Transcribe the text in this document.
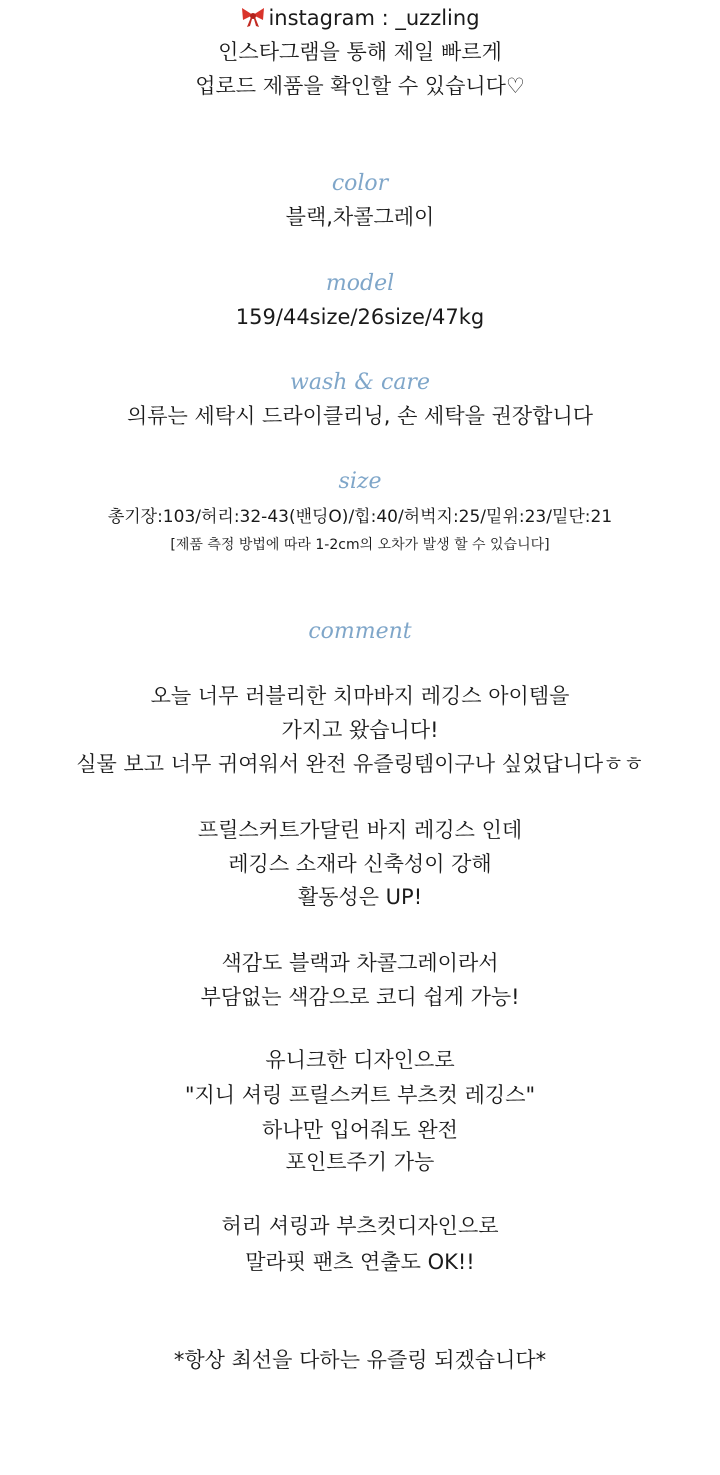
instagram : _uzzling
인스타그램을 통해 제일 빠르게
업로드 제품을 확인할 수 있습니다♡
color
블랙,차콜그레이
model
159/44size/26size/47kg
wash & care
의류는 세탁시 드라이클리닝, 손 세탁을 권장합니다
size
총기장:103/허리:32-43(밴딩O)/힙:40/허벅지:25/밑위:23/밑단:21
[제품 측정 방법에 따라 1-2cm의 오차가 발생 할 수 있습니다]
comment
오늘 너무 러블리한 치마바지 레깅스 아이템을
가지고 왔습니다!
실물 보고 너무 귀여워서 완전 유즐링템이구나 싶었답니다ㅎㅎ
프릴스커트가달린 바지 레깅스 인데
레깅스 소재라 신축성이 강해
활동성은 UP!
색감도 블랙과 차콜그레이라서
부담없는 색감으로 코디 쉽게 가능!
유니크한 디자인으로
"지니 셔링 프릴스커트 부츠컷 레깅스"
하나만 입어줘도 완전
포인트주기 가능
허리 셔링과 부츠컷디자인으로
말라핏 팬츠 연출도 OK!!
*항상 최선을 다하는 유즐링 되겠습니다*
